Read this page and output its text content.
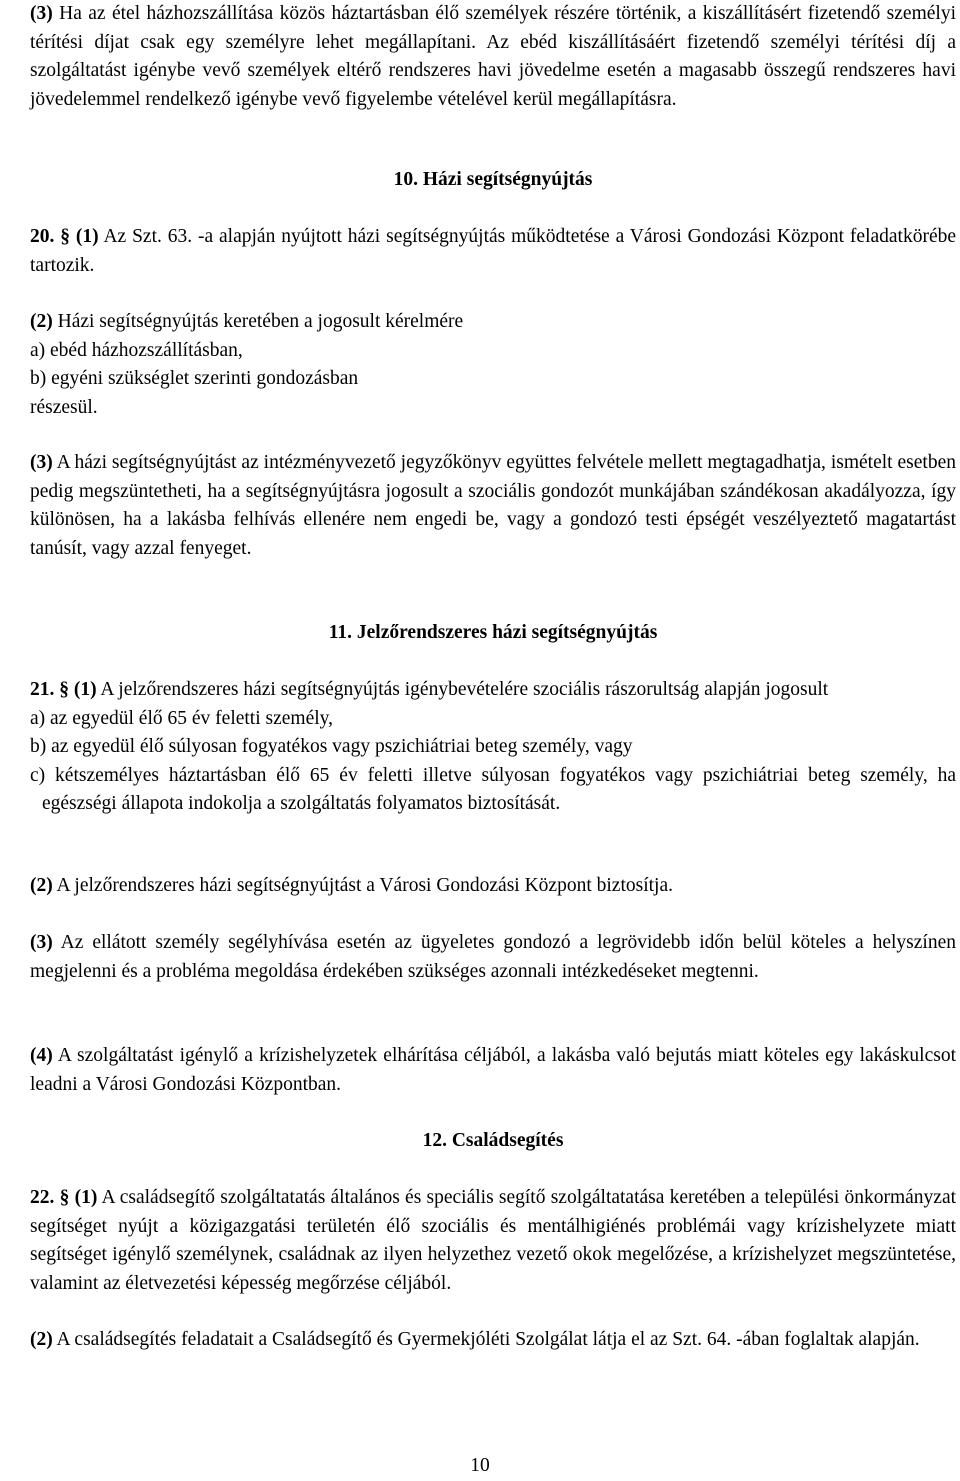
(3) Ha az étel házhozszállítása közös háztartásban élő személyek részére történik, a kiszállításért fizetendő személyi térítési díjat csak egy személyre lehet megállapítani. Az ebéd kiszállításáért fizetendő személyi térítési díj a szolgáltatást igénybe vevő személyek eltérő rendszeres havi jövedelme esetén a magasabb összegű rendszeres havi jövedelemmel rendelkező igénybe vevő figyelembe vételével kerül megállapításra.

10. Házi segítségnyújtás

20. § (1) Az Szt. 63. -a alapján nyújtott házi segítségnyújtás működtetése a Városi Gondozási Központ feladatkörébe tartozik.

(2) Házi segítségnyújtás keretében a jogosult kérelmére

a) ebéd házhozszállításban,
b) egyéni szükséglet szerinti gondozásban
részesül.

(3) A házi segítségnyújtást az intézményvezető jegyzőkönyv együttes felvétele mellett megtagadhatja, ismételt esetben pedig megszüntetheti, ha a segítségnyújtásra jogosult a szociális gondozót munkájában szándékosan akadályozza, így különösen, ha a lakásba felhívás ellenére nem engedi be, vagy a gondozó testi épségét veszélyeztető magatartást tanúsít, vagy azzal fenyeget.

11. Jelzőrendszeres házi segítségnyújtás

21. § (1) A jelzőrendszeres házi segítségnyújtás igénybevételére szociális rászorultság alapján jogosult

a) az egyedül élő 65 év feletti személy,
b) az egyedül élő súlyosan fogyatékos vagy pszichiátriai beteg személy, vagy

c) kétszemélyes háztartásban élő 65 év feletti illetve súlyosan fogyatékos vagy pszichiátriai beteg személy, ha egészségi állapota indokolja a szolgáltatás folyamatos biztosítását.

(2) A jelzőrendszeres házi segítségnyújtást a Városi Gondozási Központ biztosítja.

(3) Az ellátott személy segélyhívása esetén az ügyeletes gondozó a legrövidebb időn belül köteles a helyszínen megjelenni és a probléma megoldása érdekében szükséges azonnali intézkedéseket megtenni.

(4) A szolgáltatást igénylő a krízishelyzetek elhárítása céljából, a lakásba való bejutás miatt köteles egy lakáskulcsot leadni a Városi Gondozási Központban.

12. Családsegítés

22. § (1) A családsegítő szolgáltatatás általános és speciális segítő szolgáltatatása keretében a települési önkormányzat segítséget nyújt a közigazgatási területén élő szociális és mentálhigiénés problémái vagy krízishelyzete miatt segítséget igénylő személynek, családnak az ilyen helyzethez vezető okok megelőzése, a krízishelyzet megszüntetése, valamint az életvezetési képesség megőrzése céljából.

(2) A családsegítés feladatait a Családsegítő és Gyermekjóléti Szolgálat látja el az Szt. 64. -ában foglaltak alapján.

10
